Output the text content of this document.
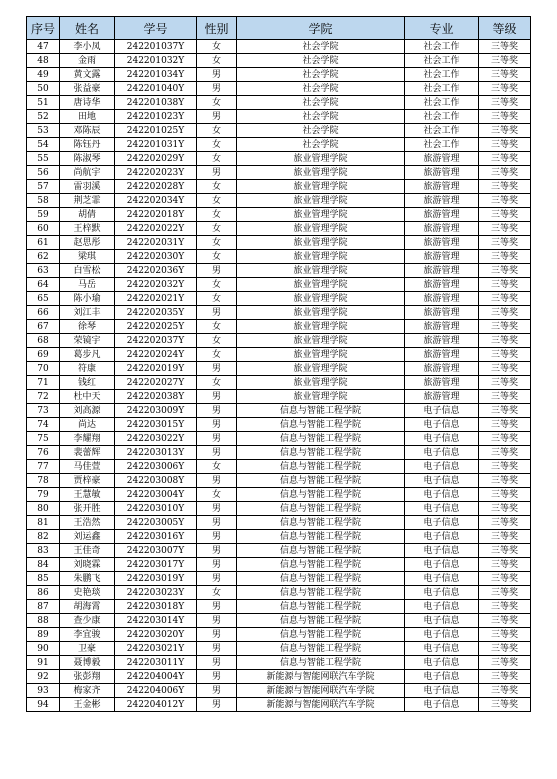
序号	姓名	学号	性别	学院	专业	等级
47	李小凤	242201037Y	女	社会学院	社会工作	三等奖
48	金雨	242201032Y	女	社会学院	社会工作	三等奖
49	黄文露	242201034Y	男	社会学院	社会工作	三等奖
50	张益豪	242201040Y	男	社会学院	社会工作	三等奖
51	唐诗华	242201038Y	女	社会学院	社会工作	三等奖
52	田地	242201023Y	男	社会学院	社会工作	三等奖
53	邓陈辰	242201025Y	女	社会学院	社会工作	三等奖
54	陈钰丹	242201031Y	女	社会学院	社会工作	三等奖
55	陈淑琴	242202029Y	女	旅业管理学院	旅游管理	三等奖
56	尚航宇	242202023Y	男	旅业管理学院	旅游管理	三等奖
57	雷羽溪	242202028Y	女	旅业管理学院	旅游管理	三等奖
58	荆芝霏	242202034Y	女	旅业管理学院	旅游管理	三等奖
59	胡倩	242202018Y	女	旅业管理学院	旅游管理	三等奖
60	王梓默	242202022Y	女	旅业管理学院	旅游管理	三等奖
61	赵思彤	242202031Y	女	旅业管理学院	旅游管理	三等奖
62	梁琪	242202030Y	女	旅业管理学院	旅游管理	三等奖
63	白雪松	242202036Y	男	旅业管理学院	旅游管理	三等奖
64	马岳	242202032Y	女	旅业管理学院	旅游管理	三等奖
65	陈小瑜	242202021Y	女	旅业管理学院	旅游管理	三等奖
66	刘江丰	242202035Y	男	旅业管理学院	旅游管理	三等奖
67	徐琴	242202025Y	女	旅业管理学院	旅游管理	三等奖
68	荣镜宇	242202037Y	女	旅业管理学院	旅游管理	三等奖
69	葛步凡	242202024Y	女	旅业管理学院	旅游管理	三等奖
70	符康	242202019Y	男	旅业管理学院	旅游管理	三等奖
71	钱红	242202027Y	女	旅业管理学院	旅游管理	三等奖
72	杜中天	242202038Y	男	旅业管理学院	旅游管理	三等奖
73	刘高源	242203009Y	男	信息与智能工程学院	电子信息	三等奖
74	尚达	242203015Y	男	信息与智能工程学院	电子信息	三等奖
75	李耀翔	242203022Y	男	信息与智能工程学院	电子信息	三等奖
76	裴蕾辉	242203013Y	男	信息与智能工程学院	电子信息	三等奖
77	马佳萱	242203006Y	女	信息与智能工程学院	电子信息	三等奖
78	贾梓豪	242203008Y	男	信息与智能工程学院	电子信息	三等奖
79	王慧敏	242203004Y	女	信息与智能工程学院	电子信息	三等奖
80	张开胜	242203010Y	男	信息与智能工程学院	电子信息	三等奖
81	王浩然	242203005Y	男	信息与智能工程学院	电子信息	三等奖
82	刘运鑫	242203016Y	男	信息与智能工程学院	电子信息	三等奖
83	王佳奇	242203007Y	男	信息与智能工程学院	电子信息	三等奖
84	刘晓霖	242203017Y	男	信息与智能工程学院	电子信息	三等奖
85	朱鹏飞	242203019Y	男	信息与智能工程学院	电子信息	三等奖
86	史艳琰	242203023Y	女	信息与智能工程学院	电子信息	三等奖
87	胡海霄	242203018Y	男	信息与智能工程学院	电子信息	三等奖
88	查少康	242203014Y	男	信息与智能工程学院	电子信息	三等奖
89	李宜骏	242203020Y	男	信息与智能工程学院	电子信息	三等奖
90	卫豪	242203021Y	男	信息与智能工程学院	电子信息	三等奖
91	聂博毅	242203011Y	男	信息与智能工程学院	电子信息	三等奖
92	张彭翔	242204004Y	男	新能源与智能网联汽车学院	电子信息	三等奖
93	梅家齐	242204006Y	男	新能源与智能网联汽车学院	电子信息	三等奖
94	王金彬	242204012Y	男	新能源与智能网联汽车学院	电子信息	三等奖
